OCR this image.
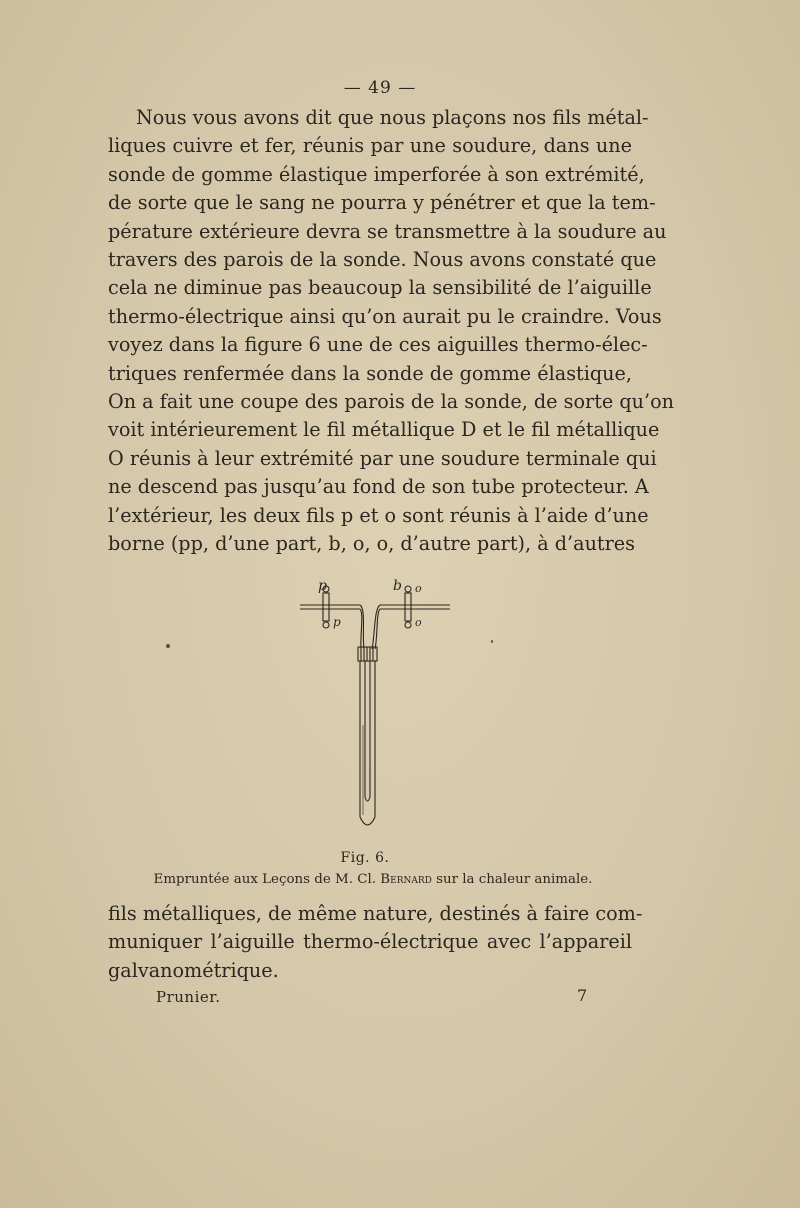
— 49 —
Nous vous avons dit que nous plaçons nos fils métal-
liques cuivre et fer, réunis par une soudure, dans une
sonde de gomme élastique imperforée à son extrémité,
de sorte que le sang ne pourra y pénétrer et que la tem-
pérature extérieure devra se transmettre à la soudure au
travers des parois de la sonde. Nous avons constaté que
cela ne diminue pas beaucoup la sensibilité de l’aiguille
thermo-électrique ainsi qu’on aurait pu le craindre. Vous
voyez dans la figure 6 une de ces aiguilles thermo-élec-
triques renfermée dans la sonde de gomme élastique,
On a fait une coupe des parois de la sonde, de sorte qu’on
voit intérieurement le fil métallique D et le fil métallique
O réunis à leur extrémité par une soudure terminale qui
ne descend pas jusqu’au fond de son tube protecteur. A
l’extérieur, les deux fils p et o sont réunis à l’aide d’une
borne (pp, d’une part, b, o, o, d’autre part), à d’autres
p	b o
p	o
Fig. 6.
Empruntée aux Leçons de M. Cl. Bernard sur la chaleur animale.
fils métalliques, de même nature, destinés à faire com-
muniquer l’aiguille thermo-électrique avec l’appareil
galvanométrique.
Prunier.	7
